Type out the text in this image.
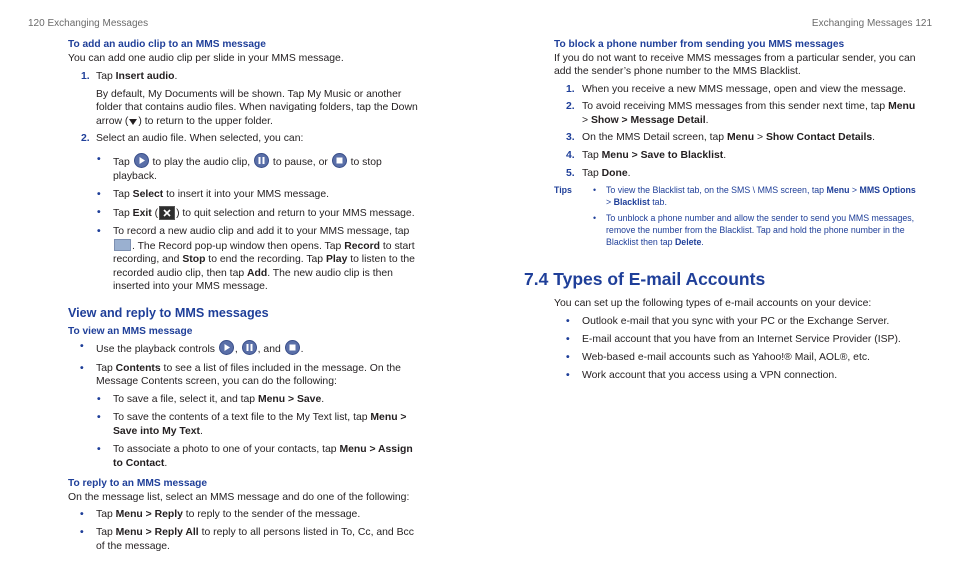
120 Exchanging Messages	Exchanging Messages 121

To add an audio clip to an MMS message

You can add one audio clip per slide in your MMS message.

1. Tap Insert audio.

By default, My Documents will be shown. Tap My Music or another folder that contains audio files. When navigating folders, tap the Down arrow ( ) to return to the upper folder.

2. Select an audio file. When selected, you can:

• Tap
to play the audio clip,
to pause, or
to stop playback.
• Tap Select to insert it into your MMS message.
• Tap Exit ( ) to quit selection and return to your MMS message.
• To record a new audio clip and add it to your MMS message, tap . The Record pop-up window then opens. Tap Record to start recording, and Stop to end the recording. Tap Play to listen to the recorded audio clip, then tap Add. The new audio clip is then inserted into your MMS message.

View and reply to MMS messages

To view an MMS message

• Use the playback controls
,
, and
.
• Tap Contents to see a list of files included in the message. On the Message Contents screen, you can do the following:
• To save a file, select it, and tap Menu > Save.
• To save the contents of a text file to the My Text list, tap Menu > Save into My Text.
• To associate a photo to one of your contacts, tap Menu > Assign to Contact.

To reply to an MMS message

On the message list, select an MMS message and do one of the following:

• Tap Menu > Reply to reply to the sender of the message.
• Tap Menu > Reply All to reply to all persons listed in To, Cc, and Bcc of the message.

To block a phone number from sending you MMS messages

If you do not want to receive MMS messages from a particular sender, you can add the sender’s phone number to the MMS Blacklist.

1. When you receive a new MMS message, open and view the message.

2. To avoid receiving MMS messages from this sender next time, tap Menu > Show > Message Detail.

3. On the MMS Detail screen, tap Menu > Show Contact Details.

4. Tap Menu > Save to Blacklist.

5. Tap Done.

Tips
•	To view the Blacklist tab, on the SMS \ MMS screen, tap Menu > MMS Options > Blacklist tab.
• To unblock a phone number and allow the sender to send you MMS messages, remove the number from the Blacklist. Tap and hold the phone number in the Blacklist then tap Delete.

7.4 Types of E-mail Accounts

You can set up the following types of e-mail accounts on your device:

• Outlook e-mail that you sync with your PC or the Exchange Server.
• E-mail account that you have from an Internet Service Provider (ISP).
• Web-based e-mail accounts such as Yahoo!® Mail, AOL®, etc.
• Work account that you access using a VPN connection.
